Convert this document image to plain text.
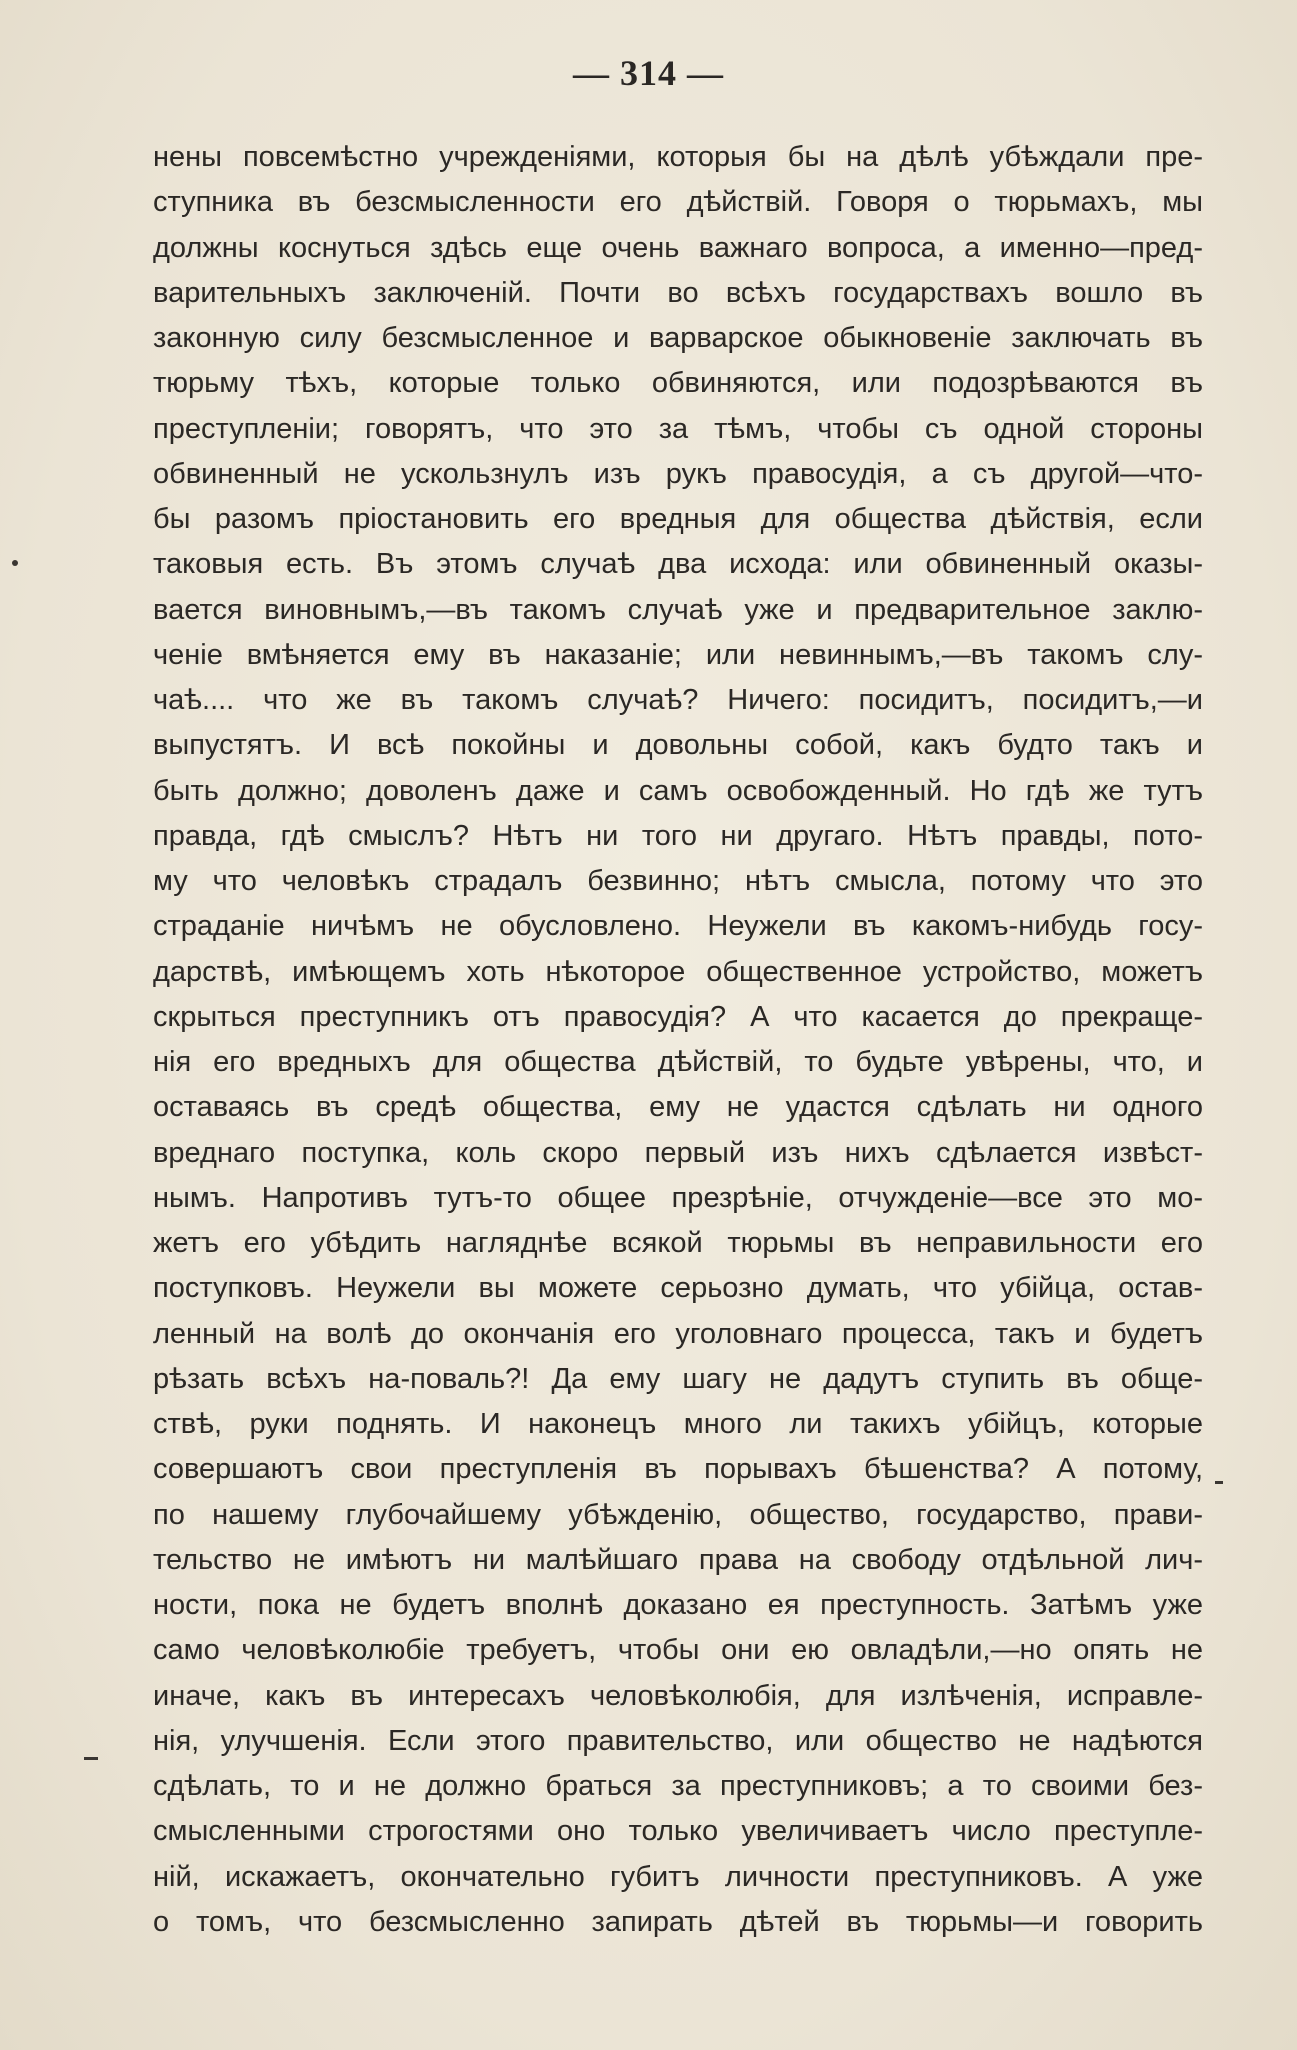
— 314 —
нены повсемѣстно учрежденіями, которыя бы на дѣлѣ убѣждали пре-
ступника въ безсмысленности его дѣйствій. Говоря о тюрьмахъ, мы
должны коснуться здѣсь еще очень важнаго вопроса, а именно—пред-
варительныхъ заключеній. Почти во всѣхъ государствахъ вошло въ
законную силу безсмысленное и варварское обыкновеніе заключать въ
тюрьму тѣхъ, которые только обвиняются, или подозрѣваются въ
преступленіи; говорятъ, что это за тѣмъ, чтобы съ одной стороны
обвиненный не ускользнулъ изъ рукъ правосудія, а съ другой—что-
бы разомъ пріостановить его вредныя для общества дѣйствія, если
таковыя есть. Въ этомъ случаѣ два исхода: или обвиненный оказы-
вается виновнымъ,—въ такомъ случаѣ уже и предварительное заклю-
ченіе вмѣняется ему въ наказаніе; или невиннымъ,—въ такомъ слу-
чаѣ.... что же въ такомъ случаѣ? Ничего: посидитъ, посидитъ,—и
выпустятъ. И всѣ покойны и довольны собой, какъ будто такъ и
быть должно; доволенъ даже и самъ освобожденный. Но гдѣ же тутъ
правда, гдѣ смыслъ? Нѣтъ ни того ни другаго. Нѣтъ правды, пото-
му что человѣкъ страдалъ безвинно; нѣтъ смысла, потому что это
страданіе ничѣмъ не обусловлено. Неужели въ какомъ-нибудь госу-
дарствѣ, имѣющемъ хоть нѣкоторое общественное устройство, можетъ
скрыться преступникъ отъ правосудія? А что касается до прекраще-
нія его вредныхъ для общества дѣйствій, то будьте увѣрены, что, и
оставаясь въ средѣ общества, ему не удастся сдѣлать ни одного
вреднаго поступка, коль скоро первый изъ нихъ сдѣлается извѣст-
нымъ. Напротивъ тутъ-то общее презрѣніе, отчужденіе—все это мо-
жетъ его убѣдить нагляднѣе всякой тюрьмы въ неправильности его
поступковъ. Неужели вы можете серьозно думать, что убійца, остав-
ленный на волѣ до окончанія его уголовнаго процесса, такъ и будетъ
рѣзать всѣхъ на-поваль?! Да ему шагу не дадутъ ступить въ обще-
ствѣ, руки поднять. И наконецъ много ли такихъ убійцъ, которые
совершаютъ свои преступленія въ порывахъ бѣшенства? А потому,
по нашему глубочайшему убѣжденію, общество, государство, прави-
тельство не имѣютъ ни малѣйшаго права на свободу отдѣльной лич-
ности, пока не будетъ вполнѣ доказано ея преступность. Затѣмъ уже
само человѣколюбіе требуетъ, чтобы они ею овладѣли,—но опять не
иначе, какъ въ интересахъ человѣколюбія, для излѣченія, исправле-
нія, улучшенія. Если этого правительство, или общество не надѣются
сдѣлать, то и не должно браться за преступниковъ; а то своими без-
смысленными строгостями оно только увеличиваетъ число преступле-
ній, искажаетъ, окончательно губитъ личности преступниковъ. А уже
о томъ, что безсмысленно запирать дѣтей въ тюрьмы—и говорить
